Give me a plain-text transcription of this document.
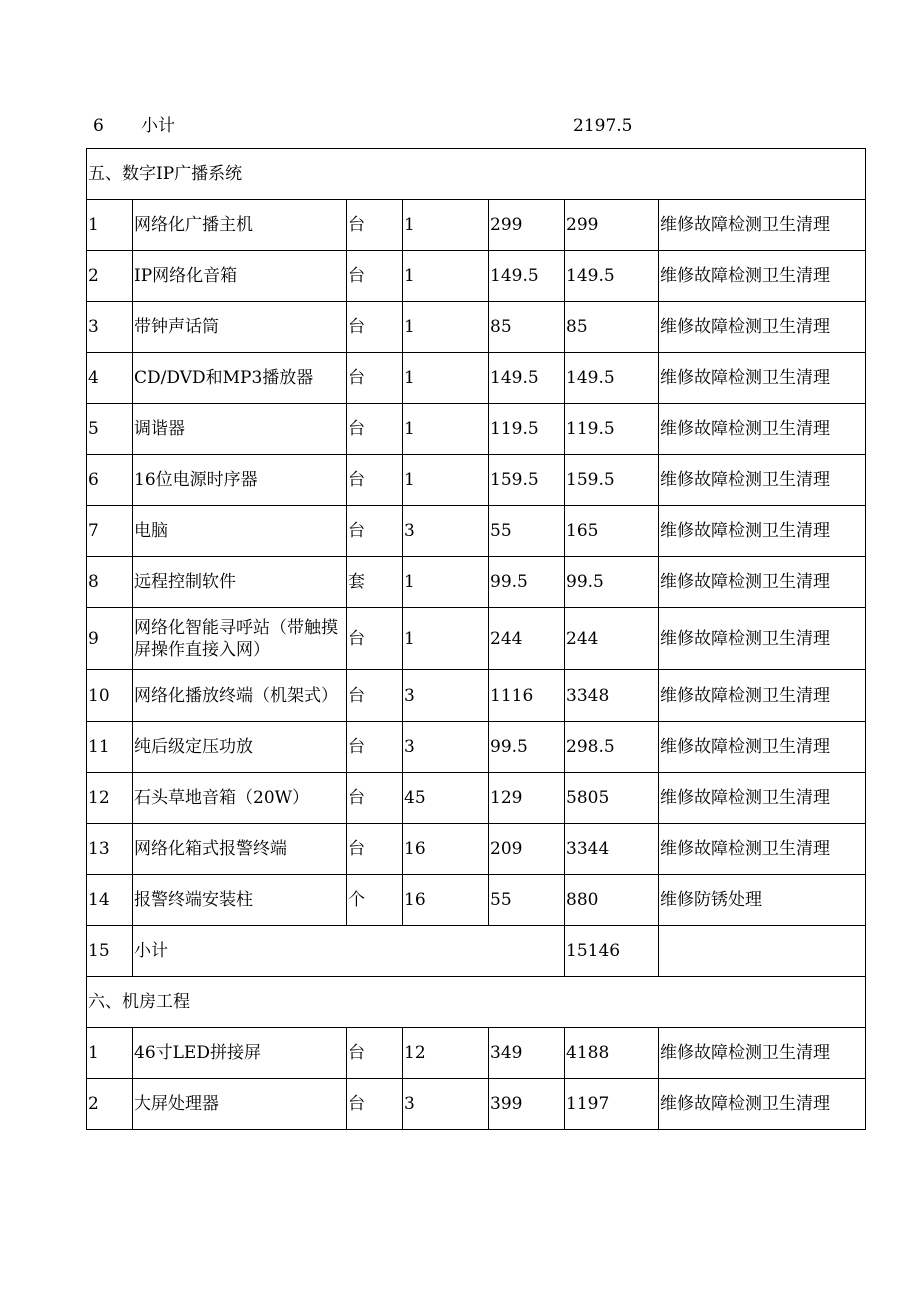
6 小计	2197.5
五、数字IP广播系统						
1	网络化广播主机	台	1	299	299	维修故障检测卫生清理
2	IP网络化音箱	台	1	149.5	149.5	维修故障检测卫生清理
3	带钟声话筒	台	1	85	85	维修故障检测卫生清理
4	CD/DVD和MP3播放器	台	1	149.5	149.5	维修故障检测卫生清理
5	调谐器	台	1	119.5	119.5	维修故障检测卫生清理
6	16位电源时序器	台	1	159.5	159.5	维修故障检测卫生清理
7	电脑	台	3	55	165	维修故障检测卫生清理
8	远程控制软件	套	1	99.5	99.5	维修故障检测卫生清理
9	网络化智能寻呼站（带触摸屏操作直接入网）	台	1	244	244	维修故障检测卫生清理
10	网络化播放终端（机架式）	台	3	1116	3348	维修故障检测卫生清理
11	纯后级定压功放	台	3	99.5	298.5	维修故障检测卫生清理
12	石头草地音箱（20W）	台	45	129	5805	维修故障检测卫生清理
13	网络化箱式报警终端	台	16	209	3344	维修故障检测卫生清理
14	报警终端安装柱	个	16	55	880	维修防锈处理
15	小计				15146	
六、机房工程						
1	46寸LED拼接屏	台	12	349	4188	维修故障检测卫生清理
2	大屏处理器	台	3	399	1197	维修故障检测卫生清理
